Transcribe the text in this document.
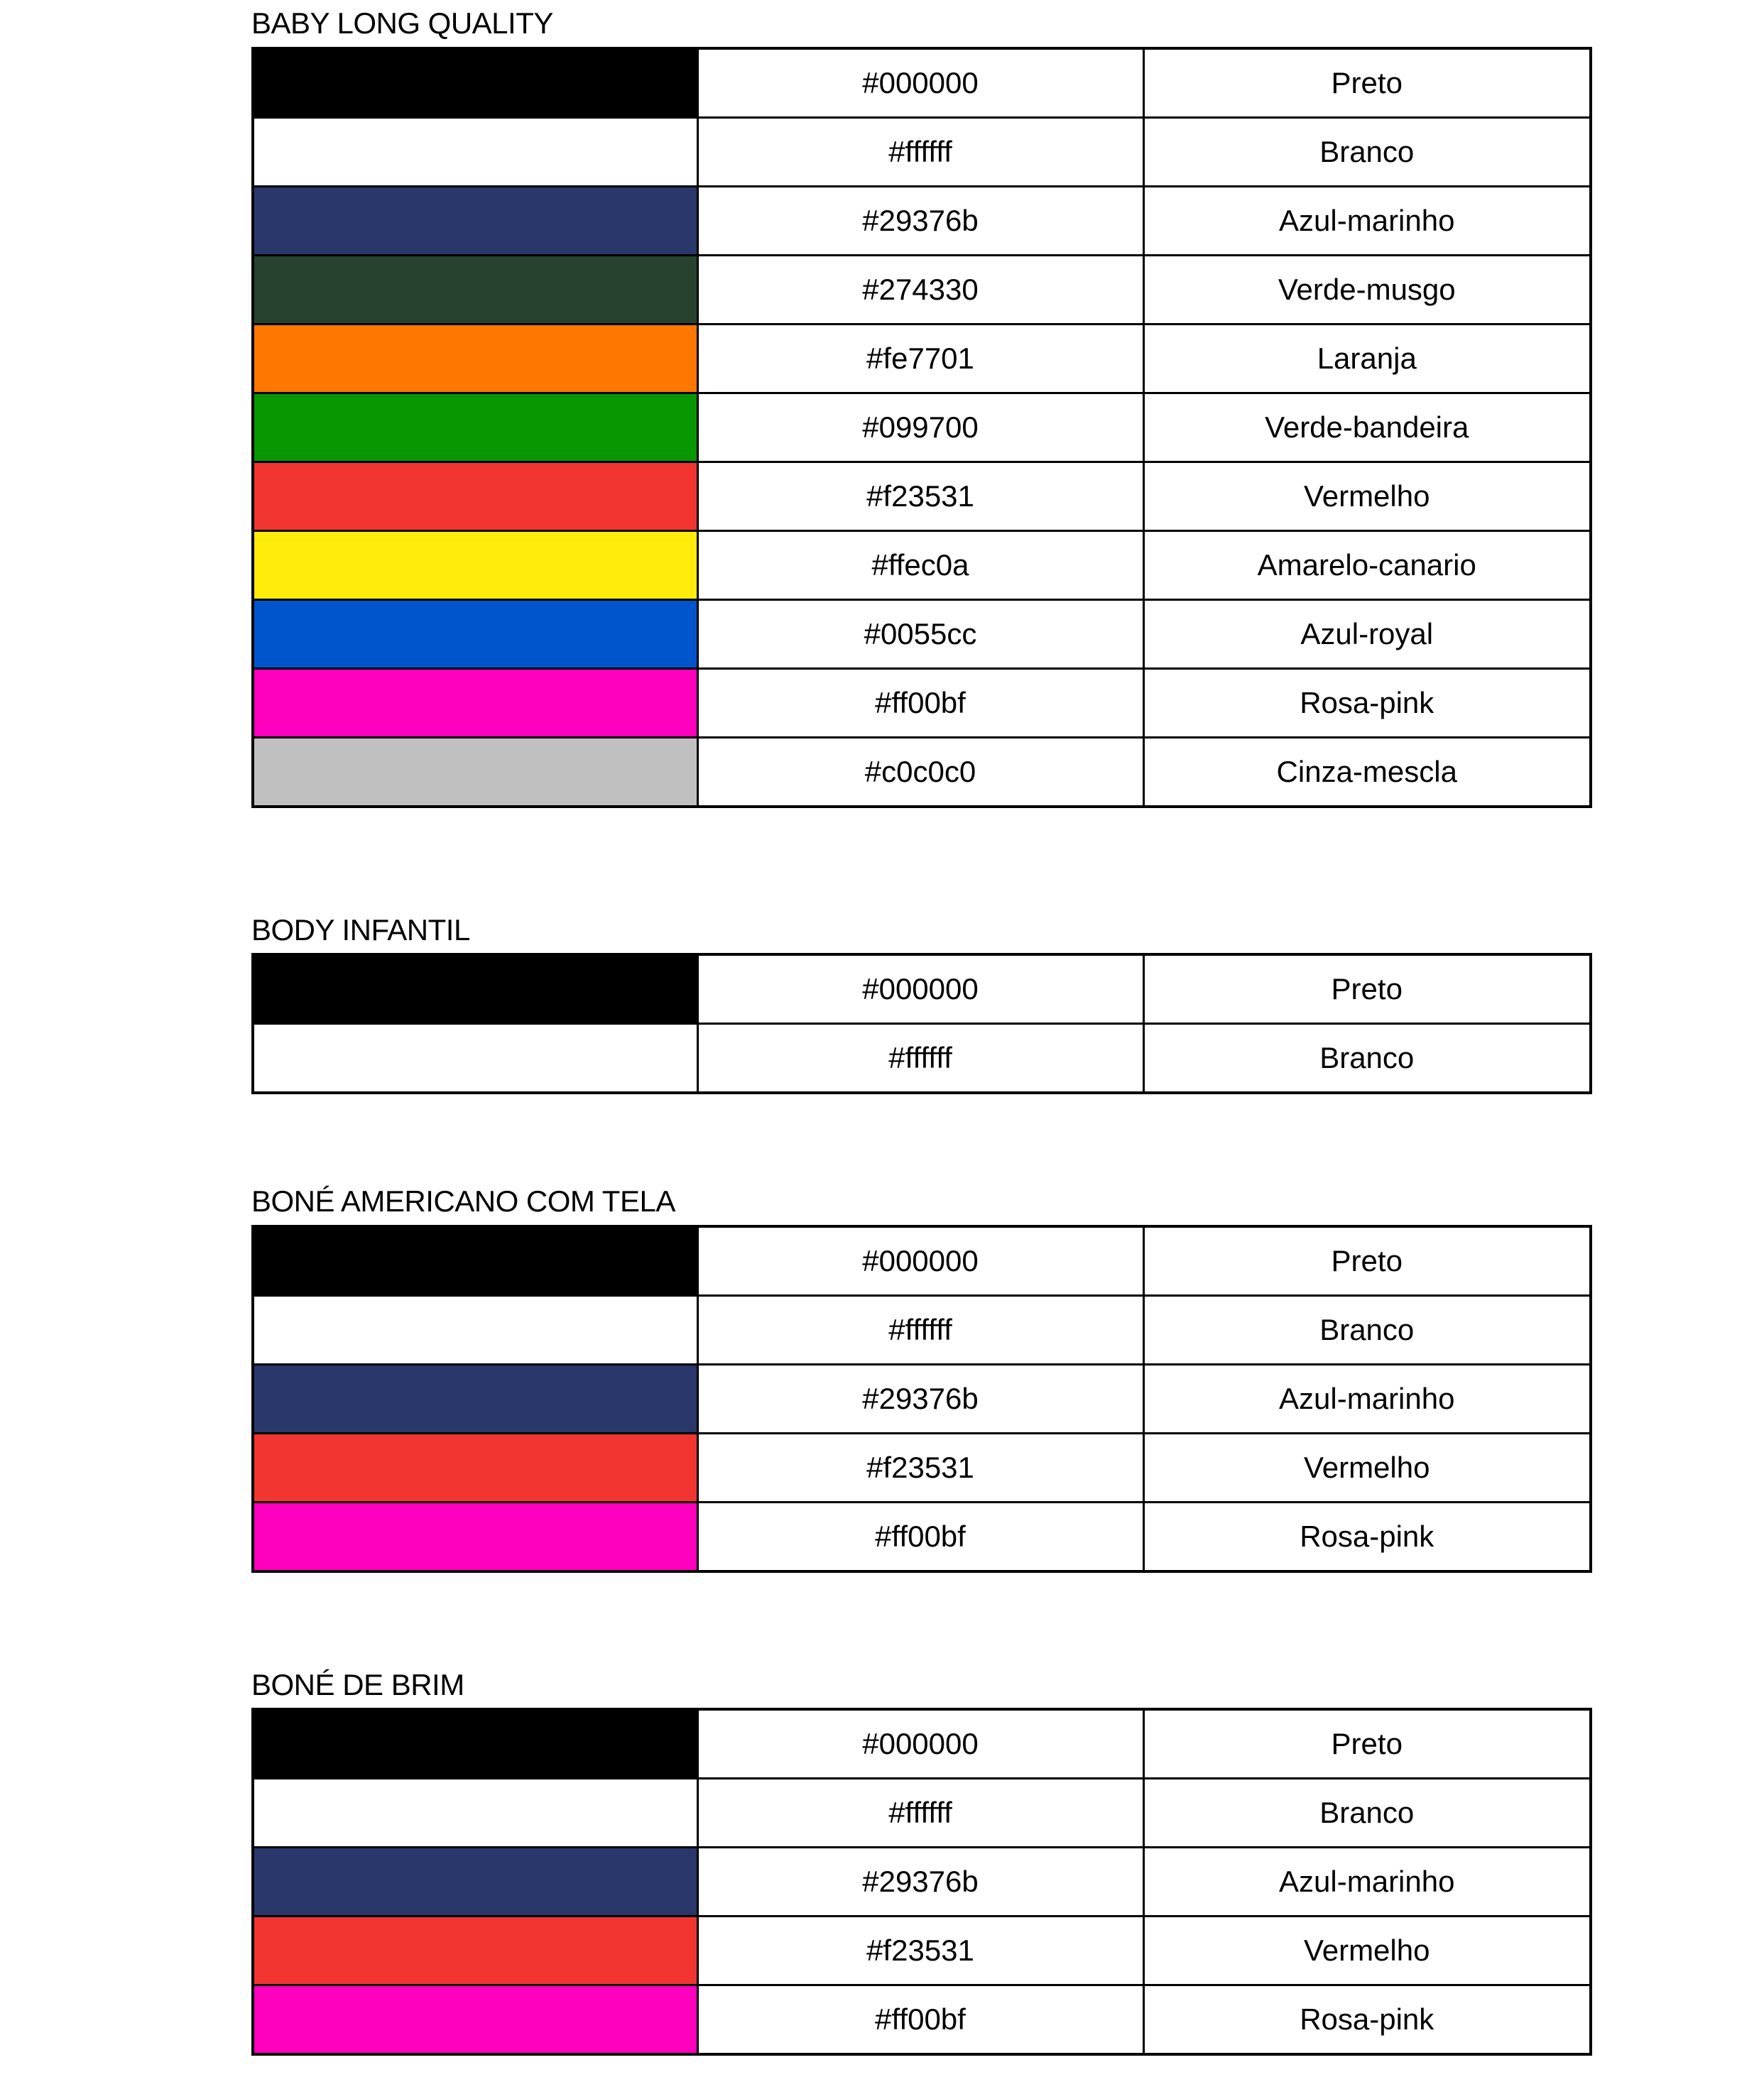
BABY LONG QUALITY
	#000000	Preto
	#ffffff	Branco
	#29376b	Azul-marinho
	#274330	Verde-musgo
	#fe7701	Laranja
	#099700	Verde-bandeira
	#f23531	Vermelho
	#ffec0a	Amarelo-canario
	#0055cc	Azul-royal
	#ff00bf	Rosa-pink
	#c0c0c0	Cinza-mescla
BODY INFANTIL
	#000000	Preto
	#ffffff	Branco
BONÉ AMERICANO COM TELA
	#000000	Preto
	#ffffff	Branco
	#29376b	Azul-marinho
	#f23531	Vermelho
	#ff00bf	Rosa-pink
BONÉ DE BRIM
	#000000	Preto
	#ffffff	Branco
	#29376b	Azul-marinho
	#f23531	Vermelho
	#ff00bf	Rosa-pink
